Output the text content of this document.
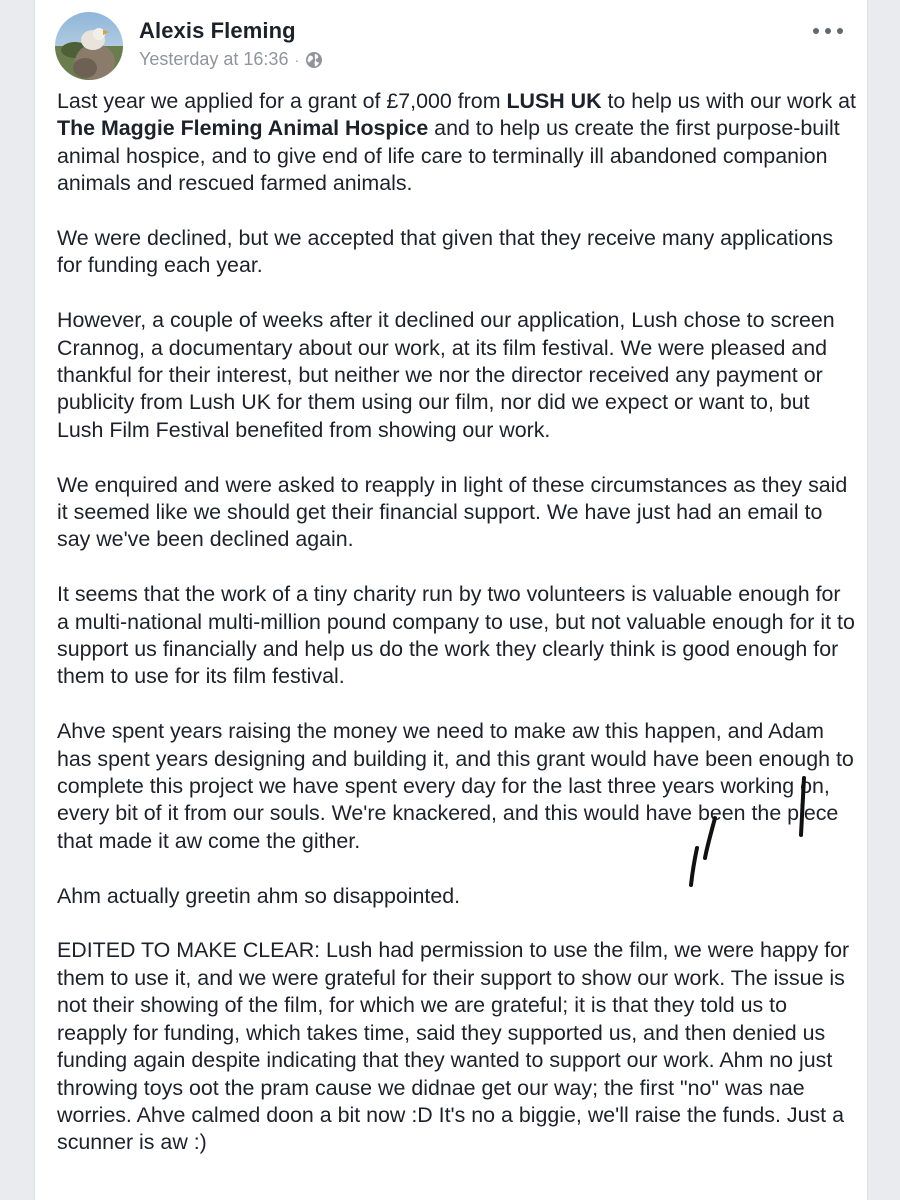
Alexis Fleming
Yesterday at 16:36 ·

Last year we applied for a grant of £7,000 from LUSH UK to help us with our work at The Maggie Fleming Animal Hospice and to help us create the first purpose-built animal hospice, and to give end of life care to terminally ill abandoned companion animals and rescued farmed animals.

We were declined, but we accepted that given that they receive many applications for funding each year.

However, a couple of weeks after it declined our application, Lush chose to screen Crannog, a documentary about our work, at its film festival. We were pleased and thankful for their interest, but neither we nor the director received any payment or publicity from Lush UK for them using our film, nor did we expect or want to, but Lush Film Festival benefited from showing our work.

We enquired and were asked to reapply in light of these circumstances as they said it seemed like we should get their financial support. We have just had an email to say we've been declined again.

It seems that the work of a tiny charity run by two volunteers is valuable enough for a multi-national multi-million pound company to use, but not valuable enough for it to support us financially and help us do the work they clearly think is good enough for them to use for its film festival.

Ahve spent years raising the money we need to make aw this happen, and Adam has spent years designing and building it, and this grant would have been enough to complete this project we have spent every day for the last three years working on, every bit of it from our souls. We're knackered, and this would have been the piece that made it aw come the gither.

Ahm actually greetin ahm so disappointed.

EDITED TO MAKE CLEAR: Lush had permission to use the film, we were happy for them to use it, and we were grateful for their support to show our work. The issue is not their showing of the film, for which we are grateful; it is that they told us to reapply for funding, which takes time, said they supported us, and then denied us funding again despite indicating that they wanted to support our work. Ahm no just throwing toys oot the pram cause we didnae get our way; the first "no" was nae worries. Ahve calmed doon a bit now :D It's no a biggie, we'll raise the funds. Just a scunner is aw :)
